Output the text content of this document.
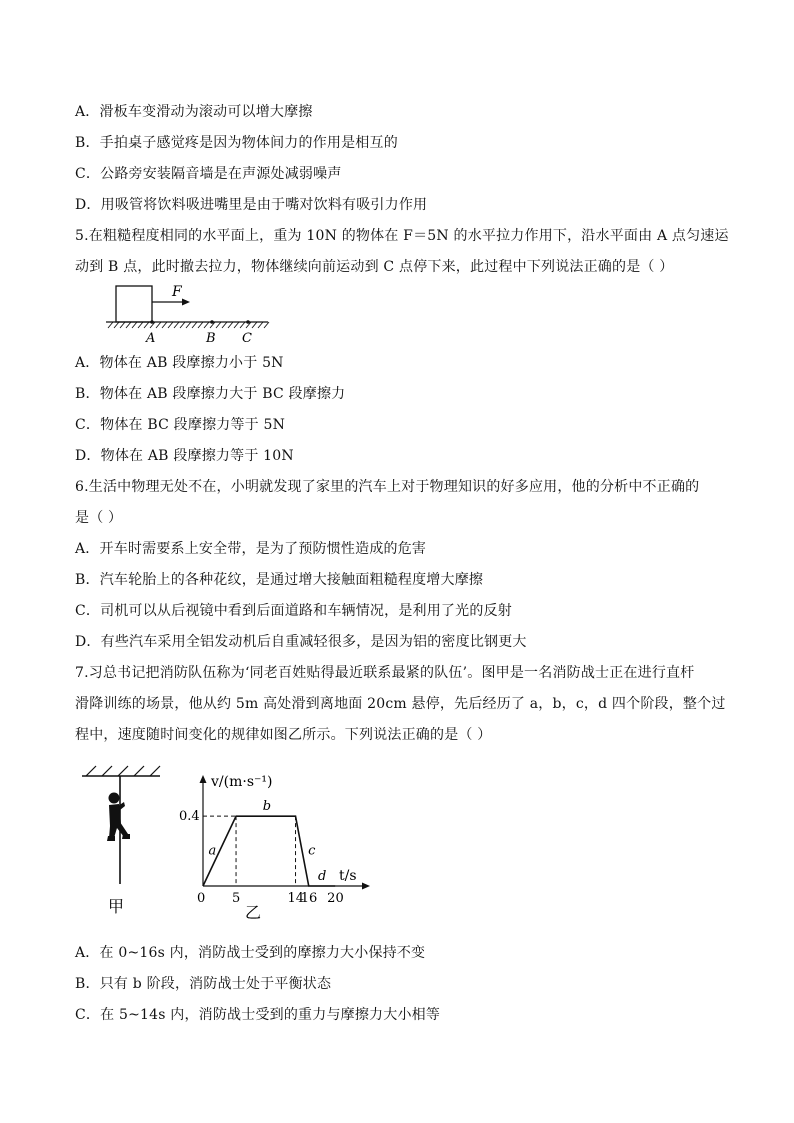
A．滑板车变滑动为滚动可以增大摩擦
B．手拍桌子感觉疼是因为物体间力的作用是相互的
C．公路旁安装隔音墙是在声源处减弱噪声
D．用吸管将饮料吸进嘴里是由于嘴对饮料有吸引力作用
5.在粗糙程度相同的水平面上，重为 10N 的物体在 F＝5N 的水平拉力作用下，沿水平面由 A 点匀速运
动到 B 点，此时撤去拉力，物体继续向前运动到 C 点停下来，此过程中下列说法正确的是（ ）
F
A	B C
A．物体在 AB 段摩擦力小于 5N
B．物体在 AB 段摩擦力大于 BC 段摩擦力
C．物体在 BC 段摩擦力等于 5N
D．物体在 AB 段摩擦力等于 10N
6.生活中物理无处不在，小明就发现了家里的汽车上对于物理知识的好多应用，他的分析中不正确的
是（ ）
A．开车时需要系上安全带，是为了预防惯性造成的危害
B．汽车轮胎上的各种花纹，是通过增大接触面粗糙程度增大摩擦
C．司机可以从后视镜中看到后面道路和车辆情况，是利用了光的反射
D．有些汽车采用全铝发动机后自重减轻很多，是因为铝的密度比钢更大
7.习总书记把消防队伍称为‘同老百姓贴得最近联系最紧的队伍’。图甲是一名消防战士正在进行直杆
滑降训练的场景，他从约 5m 高处滑到离地面 20cm 悬停，先后经历了 a，b，c，d 四个阶段，整个过
程中，速度随时间变化的规律如图乙所示。下列说法正确的是（ ）
甲
v/(m·s⁻¹)
t/s
0 5	14
16 20
0.4
a
b
c
d
乙
A．在 0~16s 内，消防战士受到的摩擦力大小保持不变
B．只有 b 阶段，消防战士处于平衡状态
C．在 5~14s 内，消防战士受到的重力与摩擦力大小相等
